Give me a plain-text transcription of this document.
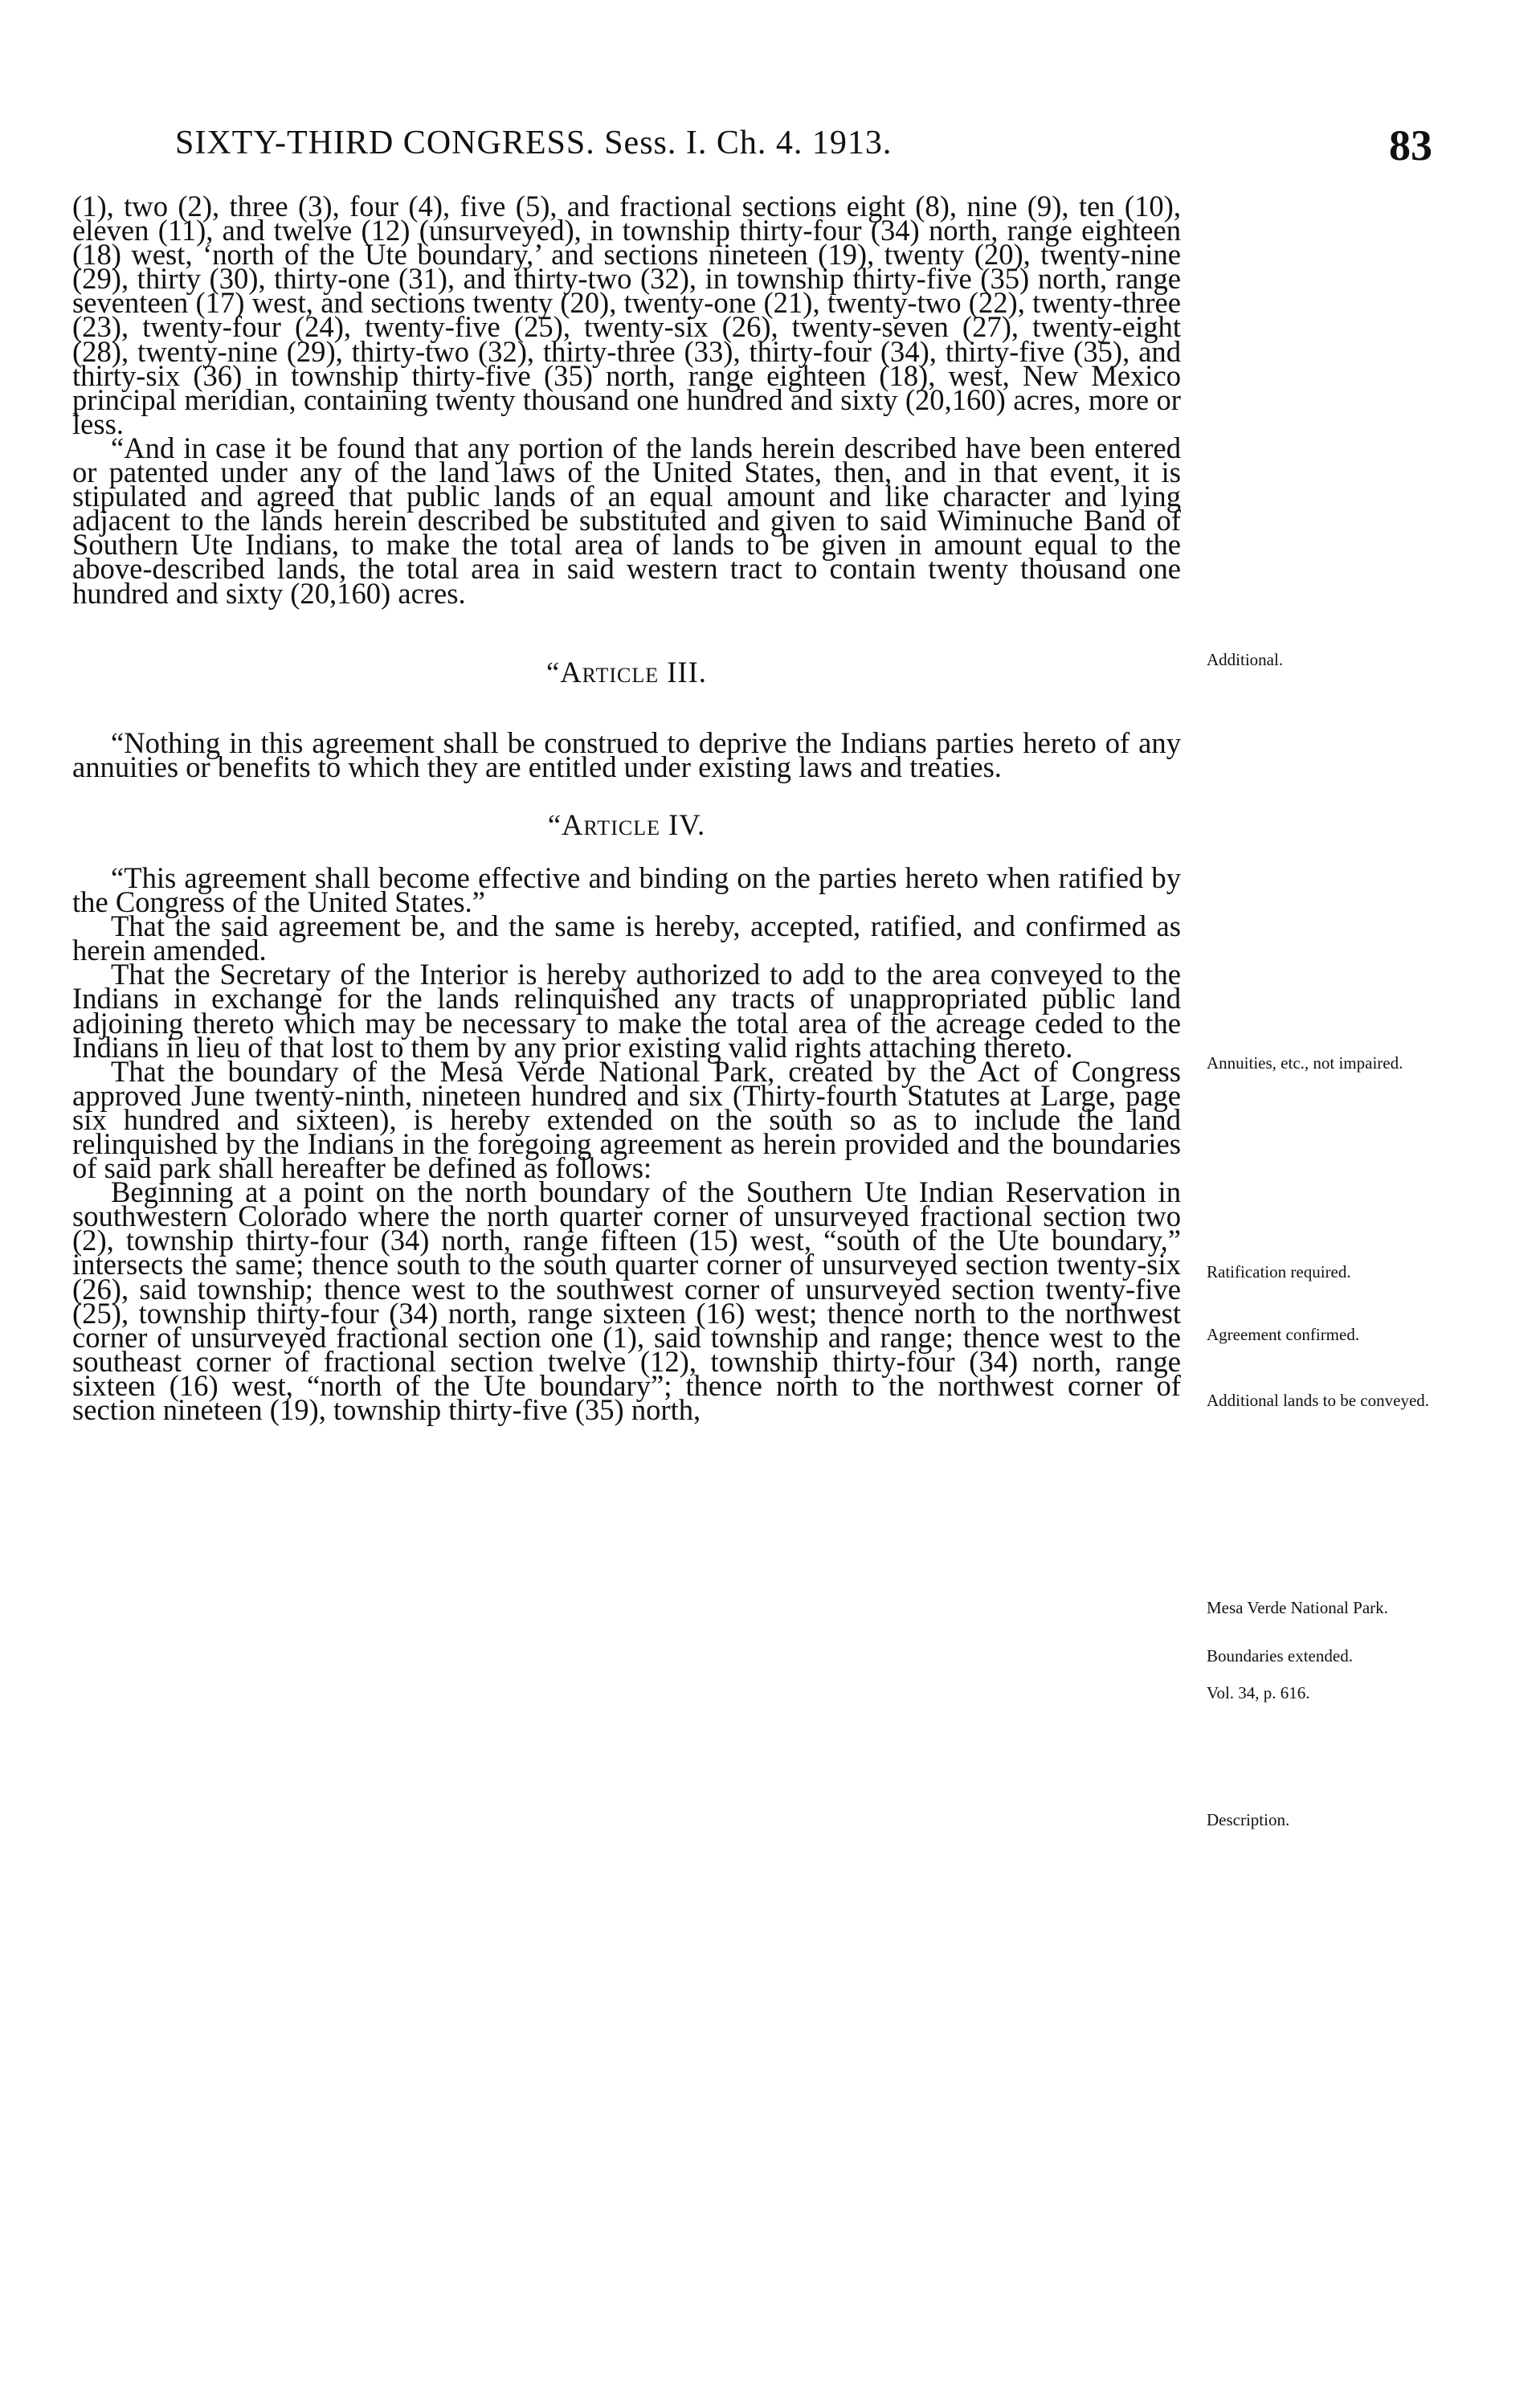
SIXTY-THIRD CONGRESS. Sess. I. Ch. 4. 1913.	83

(1), two (2), three (3), four (4), five (5), and fractional sections eight (8), nine (9), ten (10), eleven (11), and twelve (12) (unsurveyed), in township thirty-four (34) north, range eighteen (18) west, ‘north of the Ute boundary,’ and sections nineteen (19), twenty (20), twenty-nine (29), thirty (30), thirty-one (31), and thirty-two (32), in township thirty-five (35) north, range seventeen (17) west, and sections twenty (20), twenty-one (21), twenty-two (22), twenty-three (23), twenty-four (24), twenty-five (25), twenty-six (26), twenty-seven (27), twenty-eight (28), twenty-nine (29), thirty-two (32), thirty-three (33), thirty-four (34), thirty-five (35), and thirty-six (36) in township thirty-five (35) north, range eighteen (18), west, New Mexico principal meridian, containing twenty thousand one hundred and sixty (20,160) acres, more or less.

“And in case it be found that any portion of the lands herein described have been entered or patented under any of the land laws of the United States, then, and in that event, it is stipulated and agreed that public lands of an equal amount and like character and lying adjacent to the lands herein described be substituted and given to said Wiminuche Band of Southern Ute Indians, to make the total area of lands to be given in amount equal to the above-described lands, the total area in said western tract to contain twenty thousand one hundred and sixty (20,160) acres.

“Article III.

“Nothing in this agreement shall be construed to deprive the Indians parties hereto of any annuities or benefits to which they are entitled under existing laws and treaties.

“Article IV.

“This agreement shall become effective and binding on the parties hereto when ratified by the Congress of the United States.”

That the said agreement be, and the same is hereby, accepted, ratified, and confirmed as herein amended.

That the Secretary of the Interior is hereby authorized to add to the area conveyed to the Indians in exchange for the lands relinquished any tracts of unappropriated public land adjoining thereto which may be necessary to make the total area of the acreage ceded to the Indians in lieu of that lost to them by any prior existing valid rights attaching thereto.

That the boundary of the Mesa Verde National Park, created by the Act of Congress approved June twenty-ninth, nineteen hundred and six (Thirty-fourth Statutes at Large, page six hundred and sixteen), is hereby extended on the south so as to include the land relinquished by the Indians in the foregoing agreement as herein provided and the boundaries of said park shall hereafter be defined as follows:

Beginning at a point on the north boundary of the Southern Ute Indian Reservation in southwestern Colorado where the north quarter corner of unsurveyed fractional section two (2), township thirty-four (34) north, range fifteen (15) west, “south of the Ute boundary,” intersects the same; thence south to the south quarter corner of unsurveyed section twenty-six (26), said township; thence west to the southwest corner of unsurveyed section twenty-five (25), township thirty-four (34) north, range sixteen (16) west; thence north to the northwest corner of unsurveyed fractional section one (1), said township and range; thence west to the southeast corner of fractional section twelve (12), township thirty-four (34) north, range sixteen (16) west, “north of the Ute boundary”; thence north to the northwest corner of section nineteen (19), township thirty-five (35) north,

Additional.
Annuities, etc., not impaired.
Ratification required.
Agreement confirmed.
Additional lands to be conveyed.
Mesa Verde National Park.
Boundaries extended.
Vol. 34, p. 616.
Description.
